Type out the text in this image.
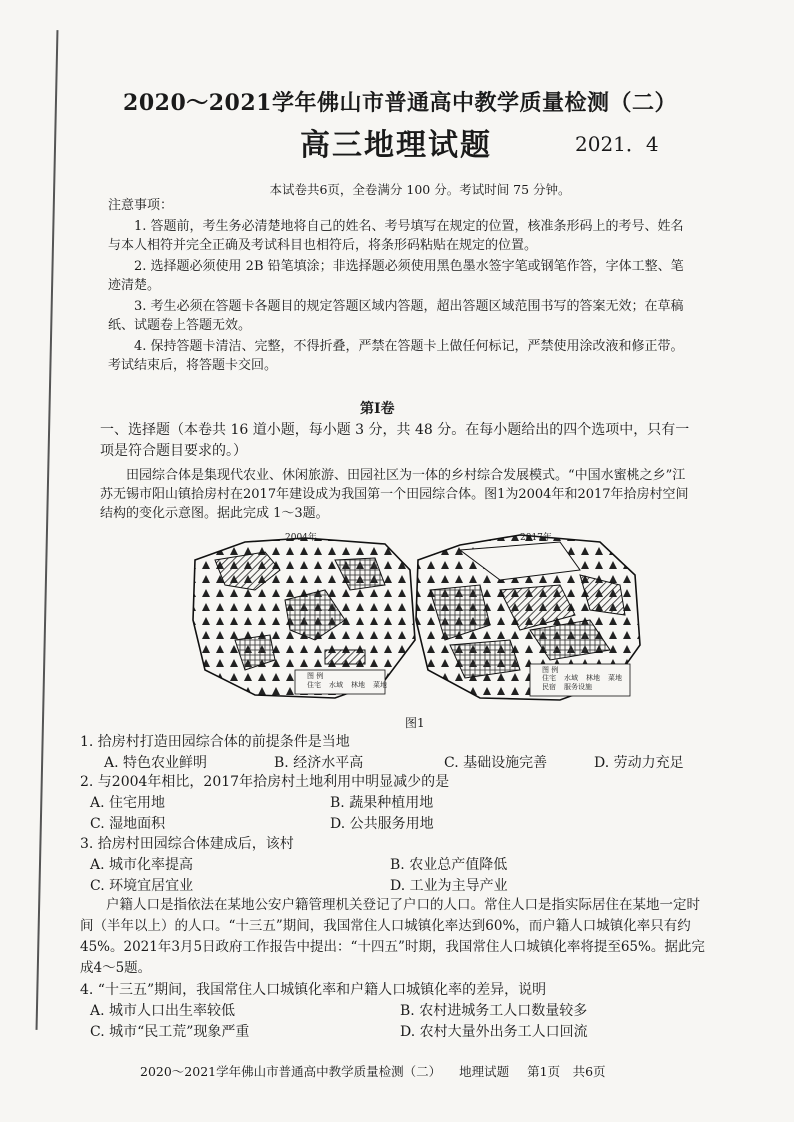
2020～2021学年佛山市普通高中教学质量检测（二）
高三地理试题	2021．4
本试卷共6页，全卷满分 100 分。考试时间 75 分钟。

注意事项：

1. 答题前，考生务必清楚地将自己的姓名、考号填写在规定的位置，核准条形码上的考号、姓名与本人相符并完全正确及考试科目也相符后，将条形码粘贴在规定的位置。

2. 选择题必须使用 2B 铅笔填涂；非选择题必须使用黑色墨水签字笔或钢笔作答，字体工整、笔迹清楚。

3. 考生必须在答题卡各题目的规定答题区域内答题，超出答题区域范围书写的答案无效；在草稿纸、试题卷上答题无效。

4. 保持答题卡清洁、完整，不得折叠，严禁在答题卡上做任何标记，严禁使用涂改液和修正带。考试结束后，将答题卡交回。

第Ⅰ卷

一、选择题（本卷共 16 道小题，每小题 3 分，共 48 分。在每小题给出的四个选项中，只有一项是符合题目要求的。）

田园综合体是集现代农业、休闲旅游、田园社区为一体的乡村综合发展模式。“中国水蜜桃之乡”江苏无锡市阳山镇拾房村在2017年建设成为我国第一个田园综合体。图1为2004年和2017年拾房村空间结构的变化示意图。据此完成 1～3题。

2004年
图 例
住宅 水域 林地 菜地
2017年
图 例
住宅 水域 林地 菜地
民宿 服务设施
图1

1. 拾房村打造田园综合体的前提条件是当地

A. 特色农业鲜明	B. 经济水平高	C. 基础设施完善	D. 劳动力充足

2. 与2004年相比，2017年拾房村土地利用中明显减少的是

A. 住宅用地	B. 蔬果种植用地

C. 湿地面积	D. 公共服务用地

3. 拾房村田园综合体建成后，该村

A. 城市化率提高	B. 农业总产值降低

C. 环境宜居宜业	D. 工业为主导产业

户籍人口是指依法在某地公安户籍管理机关登记了户口的人口。常住人口是指实际居住在某地一定时间（半年以上）的人口。“十三五”期间，我国常住人口城镇化率达到60%，而户籍人口城镇化率只有约45%。2021年3月5日政府工作报告中提出：“十四五”时期，我国常住人口城镇化率将提至65%。据此完成4～5题。

4. “十三五”期间，我国常住人口城镇化率和户籍人口城镇化率的差异，说明

A. 城市人口出生率较低	B. 农村进城务工人口数量较多

C. 城市“民工荒”现象严重	D. 农村大量外出务工人口回流

2020～2021学年佛山市普通高中教学质量检测（二） 地理试题 第1页　共6页
